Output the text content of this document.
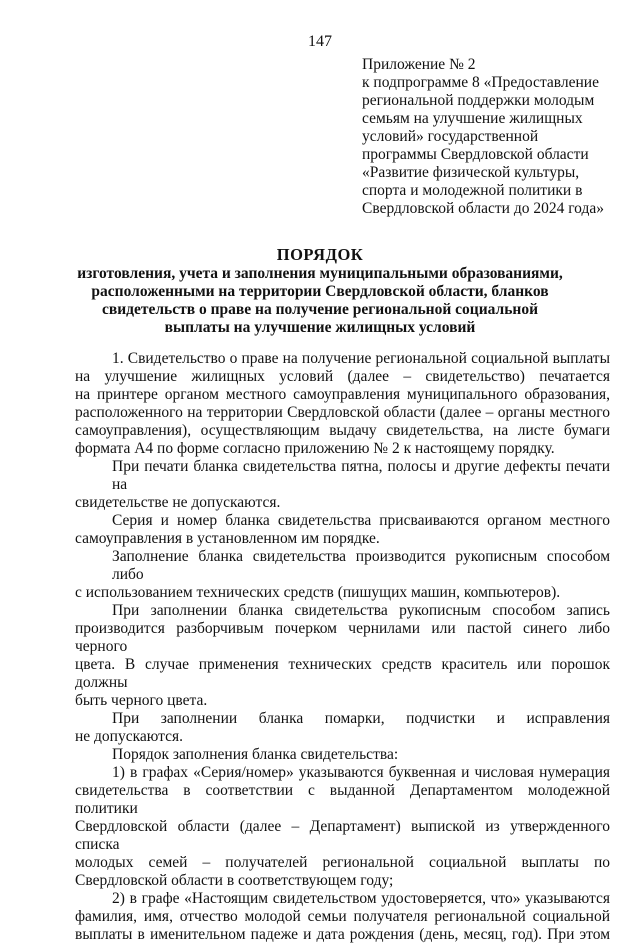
147
Приложение № 2
к подпрограмме 8 «Предоставление
региональной поддержки молодым
семьям на улучшение жилищных
условий» государственной
программы Свердловской области
«Развитие физической культуры,
спорта и молодежной политики в
Свердловской области до 2024 года»
ПОРЯДОК
изготовления, учета и заполнения муниципальными образованиями,
расположенными на территории Свердловской области, бланков
свидетельств о праве на получение региональной социальной
выплаты на улучшение жилищных условий
1. Свидетельство о праве на получение региональной социальной выплаты
на улучшение жилищных условий (далее – свидетельство) печатается
на принтере органом местного самоуправления муниципального образования,
расположенного на территории Свердловской области (далее – органы местного
самоуправления), осуществляющим выдачу свидетельства, на листе бумаги
формата А4 по форме согласно приложению № 2 к настоящему порядку.
При печати бланка свидетельства пятна, полосы и другие дефекты печати на
свидетельстве не допускаются.
Серия и номер бланка свидетельства присваиваются органом местного
самоуправления в установленном им порядке.
Заполнение бланка свидетельства производится рукописным способом либо
с использованием технических средств (пишущих машин, компьютеров).
При заполнении бланка свидетельства рукописным способом запись
производится разборчивым почерком чернилами или пастой синего либо черного
цвета. В случае применения технических средств краситель или порошок должны
быть черного цвета.
При заполнении бланка помарки, подчистки и исправления
не допускаются.
Порядок заполнения бланка свидетельства:
1) в графах «Серия/номер» указываются буквенная и числовая нумерация
свидетельства в соответствии с выданной Департаментом молодежной политики
Свердловской области (далее – Департамент) выпиской из утвержденного списка
молодых семей – получателей региональной социальной выплаты по
Свердловской области в соответствующем году;
2) в графе «Настоящим свидетельством удостоверяется, что» указываются
фамилия, имя, отчество молодой семьи получателя региональной социальной
выплаты в именительном падеже и дата рождения (день, месяц, год). При этом
